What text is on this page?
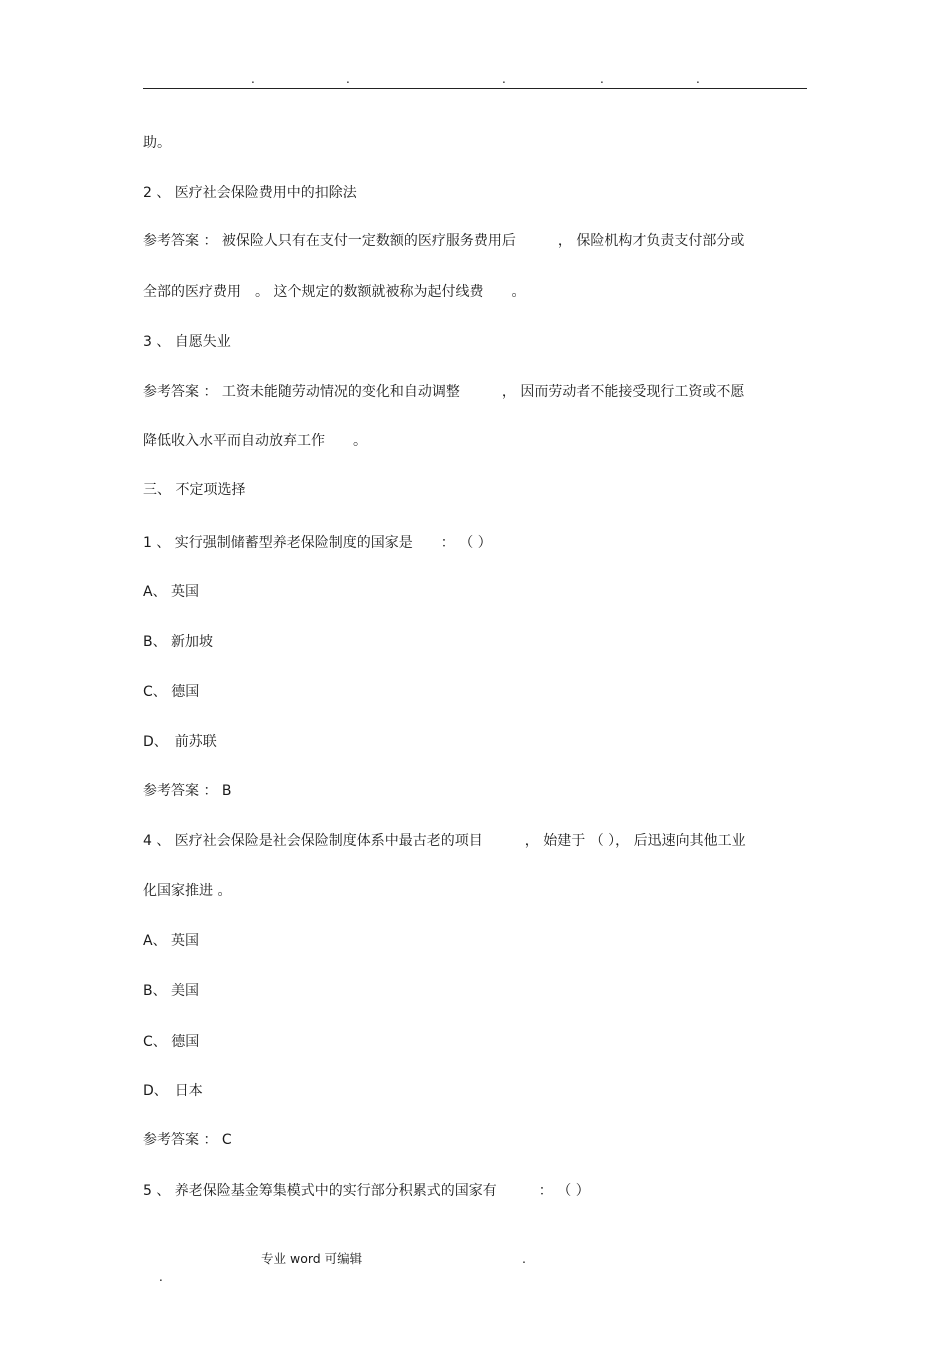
.	.	.	.	.
助。
2 、 医疗社会保险费用中的扣除法
参考答案 ： 被保险人只有在支付一定数额的医疗服务费用后　　　， 保险机构才负责支付部分或
全部的医疗费用　。 这个规定的数额就被称为起付线费　　。
3 、 自愿失业
参考答案 ： 工资未能随劳动情况的变化和自动调整　　　， 因而劳动者不能接受现行工资或不愿
降低收入水平而自动放弃工作　　。
三、 不定项选择
1 、 实行强制储蓄型养老保险制度的国家是　　： （ ）
A、 英国
B、 新加坡
C、 德国
D、　前苏联
参考答案 ： B
4 、 医疗社会保险是社会保险制度体系中最古老的项目　　　， 始建于 （ ）， 后迅速向其他工业
化国家推进 。
A、 英国
B、 美国
C、 德国
D、　日本
参考答案 ： C
5 、 养老保险基金筹集模式中的实行部分积累式的国家有　　　： （ ）

.

专业 word 可编辑

	.
